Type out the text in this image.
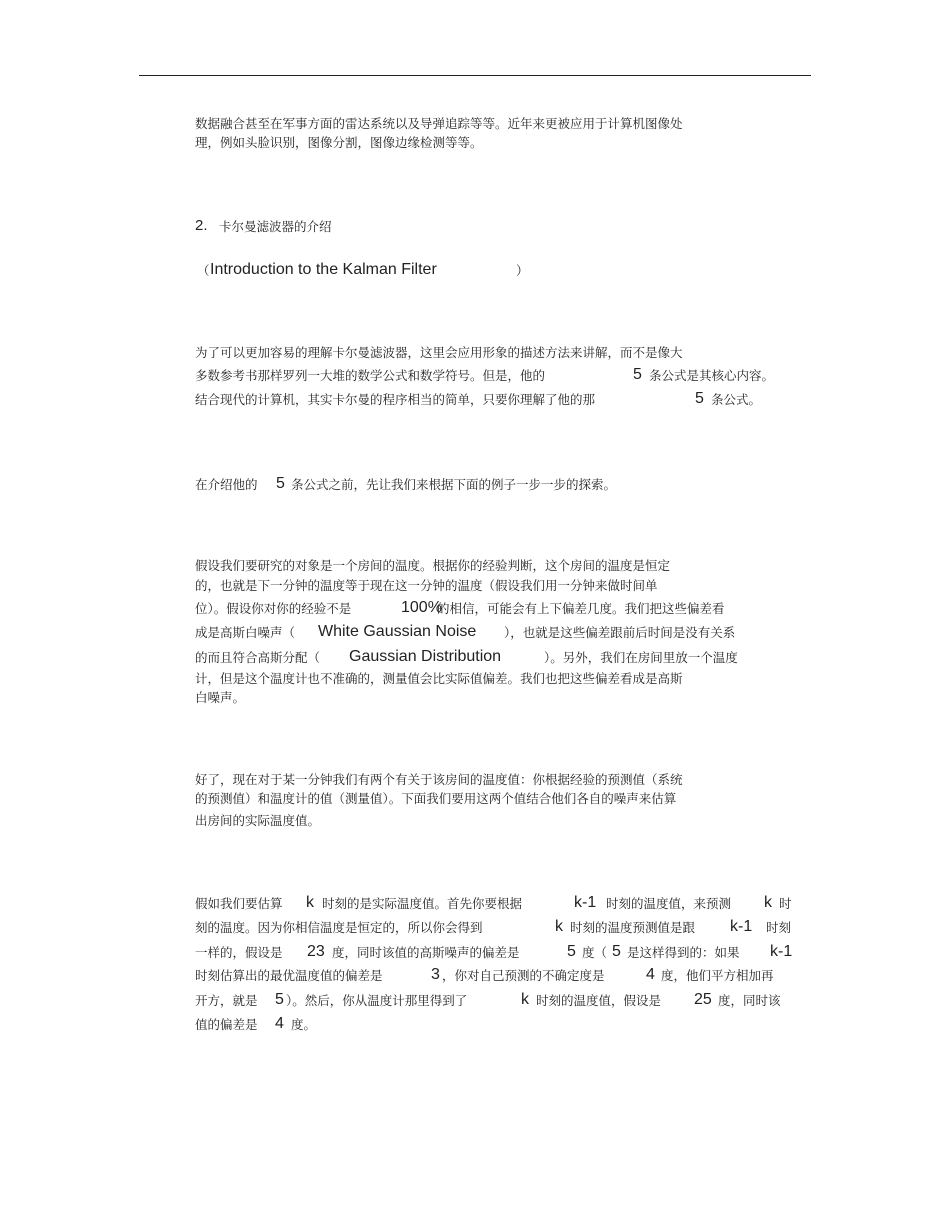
数据融合甚至在军事方面的雷达系统以及导弹追踪等等。近年来更被应用于计算机图像处
理，例如头脸识别，图像分割，图像边缘检测等等。
2. 卡尔曼滤波器的介绍
（ Introduction to the Kalman Filter	）
为了可以更加容易的理解卡尔曼滤波器，这里会应用形象的描述方法来讲解，而不是像大
多数参考书那样罗列一大堆的数学公式和数学符号。但是，他的	5 条公式是其核心内容。
结合现代的计算机，其实卡尔曼的程序相当的简单，只要你理解了他的那	5 条公式。
在介绍他的 5 条公式之前，先让我们来根据下面的例子一步一步的探索。
假设我们要研究的对象是一个房间的温度。根据你的经验判断，这个房间的温度是恒定
的，也就是下一分钟的温度等于现在这一分钟的温度（假设我们用一分钟来做时间单
位）。假设你对你的经验不是	100%
的相信，可能会有上下偏差几度。我们把这些偏差看
成是高斯白噪声（ White Gaussian Noise ），也就是这些偏差跟前后时间是没有关系
的而且符合高斯分配（ Gaussian Distribution	）。另外，我们在房间里放一个温度
计，但是这个温度计也不准确的，测量值会比实际值偏差。我们也把这些偏差看成是高斯
白噪声。
好了，现在对于某一分钟我们有两个有关于该房间的温度值：你根据经验的预测值（系统
的预测值）和温度计的值（测量值）。下面我们要用这两个值结合他们各自的噪声来估算
出房间的实际温度值。
假如我们要估算 k 时刻的是实际温度值。首先你要根据	k-1 时刻的温度值，来预测 k 时
刻的温度。因为你相信温度是恒定的，所以你会得到	k 时刻的温度预测值是跟 k-1 时刻
一样的，假设是 23 度，同时该值的高斯噪声的偏差是	5 度（ 5 是这样得到的：如果 k-1
时刻估算出的最优温度值的偏差是	3 ，你对自己预测的不确定度是	4 度，他们平方相加再
开方，就是 5 ）。然后，你从温度计那里得到了	k 时刻的温度值，假设是 25 度，同时该
值的偏差是 4 度。
